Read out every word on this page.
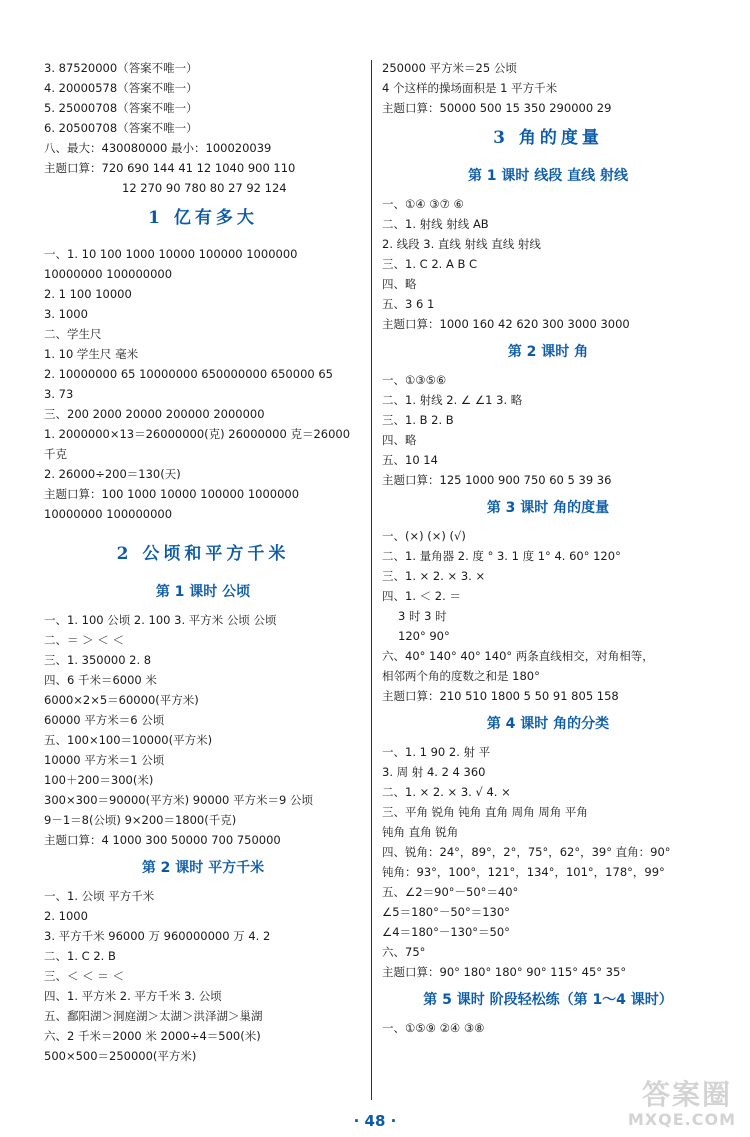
3. 87520000（答案不唯一）
4. 20000578（答案不唯一）
5. 25000708（答案不唯一）
6. 20500708（答案不唯一）
八、最大：430080000 最小：100020039
主题口算：720 690 144 41 12 1040 900 110
12 270 90 780 80 27 92 124
1 亿有多大
一、1. 10 100 1000 10000 100000 1000000
10000000 100000000
2. 1 100 10000
3. 1000
二、学生尺
1. 10 学生尺 毫米
2. 10000000 65 10000000 650000000 650000 65
3. 73
三、200 2000 20000 200000 2000000
1. 2000000×13＝26000000(克) 26000000 克＝26000
千克
2. 26000÷200＝130(天)
主题口算：100 1000 10000 100000 1000000
10000000 100000000
2 公顷和平方千米
第 1 课时 公顷
一、1. 100 公顷 2. 100 3. 平方米 公顷 公顷
二、＝ ＞ ＜ ＜
三、1. 350000 2. 8
四、6 千米＝6000 米
6000×2×5＝60000(平方米)
60000 平方米＝6 公顷
五、100×100＝10000(平方米)
10000 平方米＝1 公顷
100＋200＝300(米)
300×300＝90000(平方米) 90000 平方米＝9 公顷
9－1＝8(公顷) 9×200＝1800(千克)
主题口算：4 1000 300 50000 700 750000
第 2 课时 平方千米
一、1. 公顷 平方千米
2. 1000
3. 平方千米 96000 万 960000000 万 4. 2
二、1. C 2. B
三、＜ ＜ ＝ ＜
四、1. 平方米 2. 平方千米 3. 公顷
五、鄱阳湖＞洞庭湖＞太湖＞洪泽湖＞巢湖
六、2 千米＝2000 米 2000÷4＝500(米)
500×500＝250000(平方米)
250000 平方米＝25 公顷
4 个这样的操场面积是 1 平方千米
主题口算：50000 500 15 350 290000 29
3 角的度量
第 1 课时 线段 直线 射线
一、①④ ③⑦ ⑥
二、1. 射线 射线 AB
2. 线段 3. 直线 射线 直线 射线
三、1. C 2. A B C
四、略
五、3 6 1
主题口算：1000 160 42 620 300 3000 3000
第 2 课时 角
一、①③⑤⑥
二、1. 射线 2. ∠ ∠1 3. 略
三、1. B 2. B
四、略
五、10 14
主题口算：125 1000 900 750 60 5 39 36
第 3 课时 角的度量
一、(×) (×) (√)
二、1. 量角器 2. 度 ° 3. 1 度 1° 4. 60° 120°
三、1. × 2. × 3. ×
四、1. ＜ 2. ＝
3 时 3 时
120° 90°
六、40° 140° 40° 140° 两条直线相交，对角相等，
相邻两个角的度数之和是 180°
主题口算：210 510 1800 5 50 91 805 158
第 4 课时 角的分类
一、1. 1 90 2. 射 平
3. 周 射 4. 2 4 360
二、1. × 2. × 3. √ 4. ×
三、平角 锐角 钝角 直角 周角 周角 平角
钝角 直角 锐角
四、锐角：24°，89°，2°，75°，62°，39° 直角：90°
钝角：93°，100°，121°，134°，101°，178°，99°
五、∠2＝90°－50°＝40°
∠5＝180°－50°＝130°
∠4＝180°－130°＝50°
六、75°
主题口算：90° 180° 180° 90° 115° 45° 35°
第 5 课时 阶段轻松练（第 1～4 课时）
一、①⑤⑨ ②④ ③⑧
· 48 ·
答案圈
MXQE.COM
